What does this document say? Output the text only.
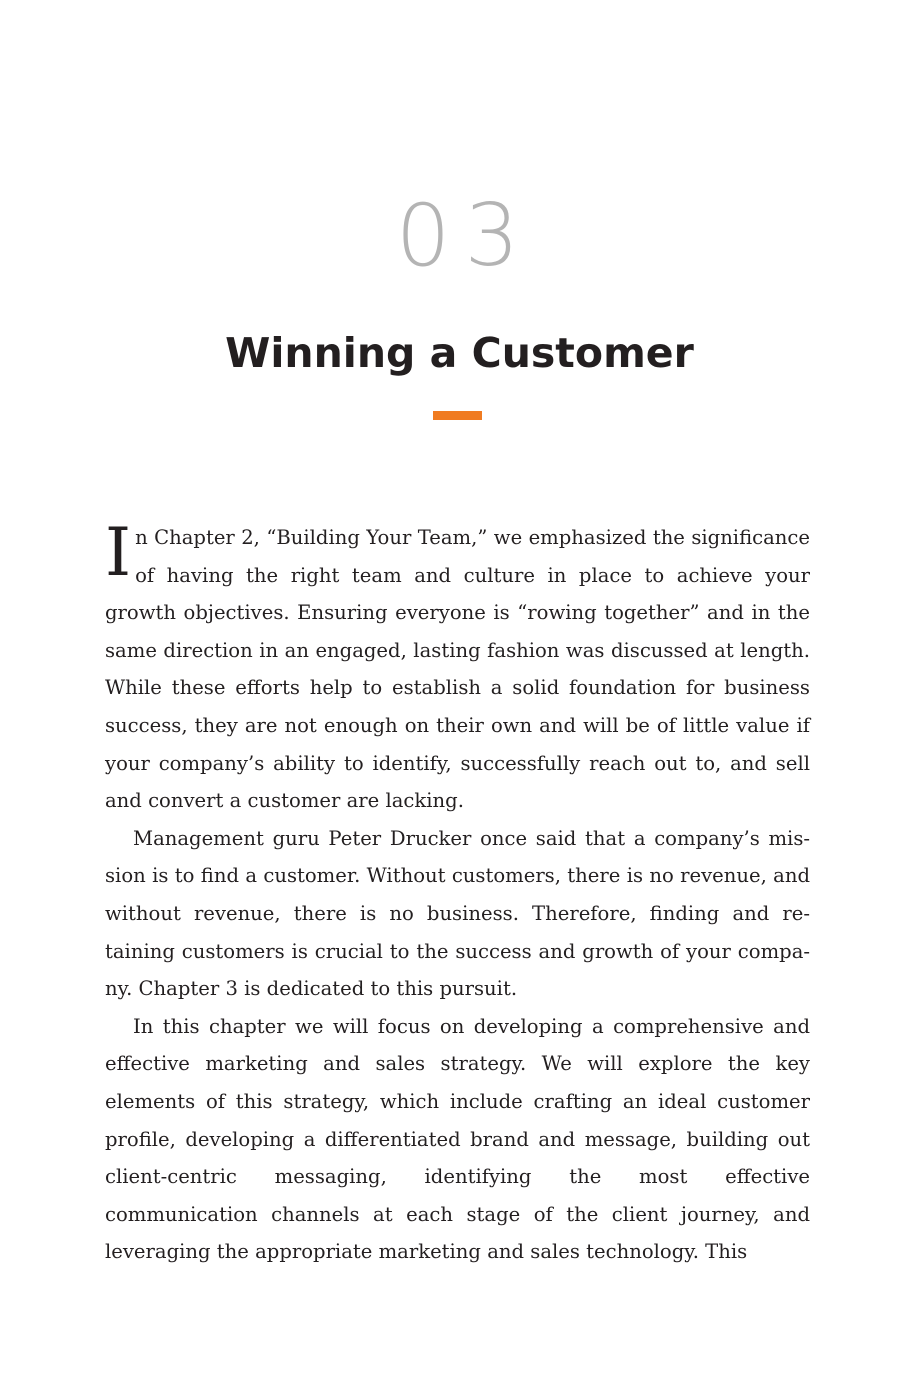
03
Winning a Customer

In Chapter 2, “Building Your Team,” we emphasized the significance of having the right team and culture in place to achieve your growth objectives. Ensuring everyone is “rowing together” and in the same direction in an engaged, lasting fashion was discussed at length. While these efforts help to establish a solid foundation for business success, they are not enough on their own and will be of little value if your company’s ability to identify, successfully reach out to, and sell and convert a customer are lacking.

Management guru Peter Drucker once said that a company’s mission is to find a customer. Without customers, there is no revenue, and without revenue, there is no business. Therefore, finding and retaining customers is crucial to the success and growth of your company. Chapter 3 is dedicated to this pursuit.

In this chapter we will focus on developing a comprehensive and effective marketing and sales strategy. We will explore the key elements of this strategy, which include crafting an ideal customer profile, developing a differentiated brand and message, building out client-centric messaging, identifying the most effective communication channels at each stage of the client journey, and leveraging the appropriate marketing and sales technology. This
